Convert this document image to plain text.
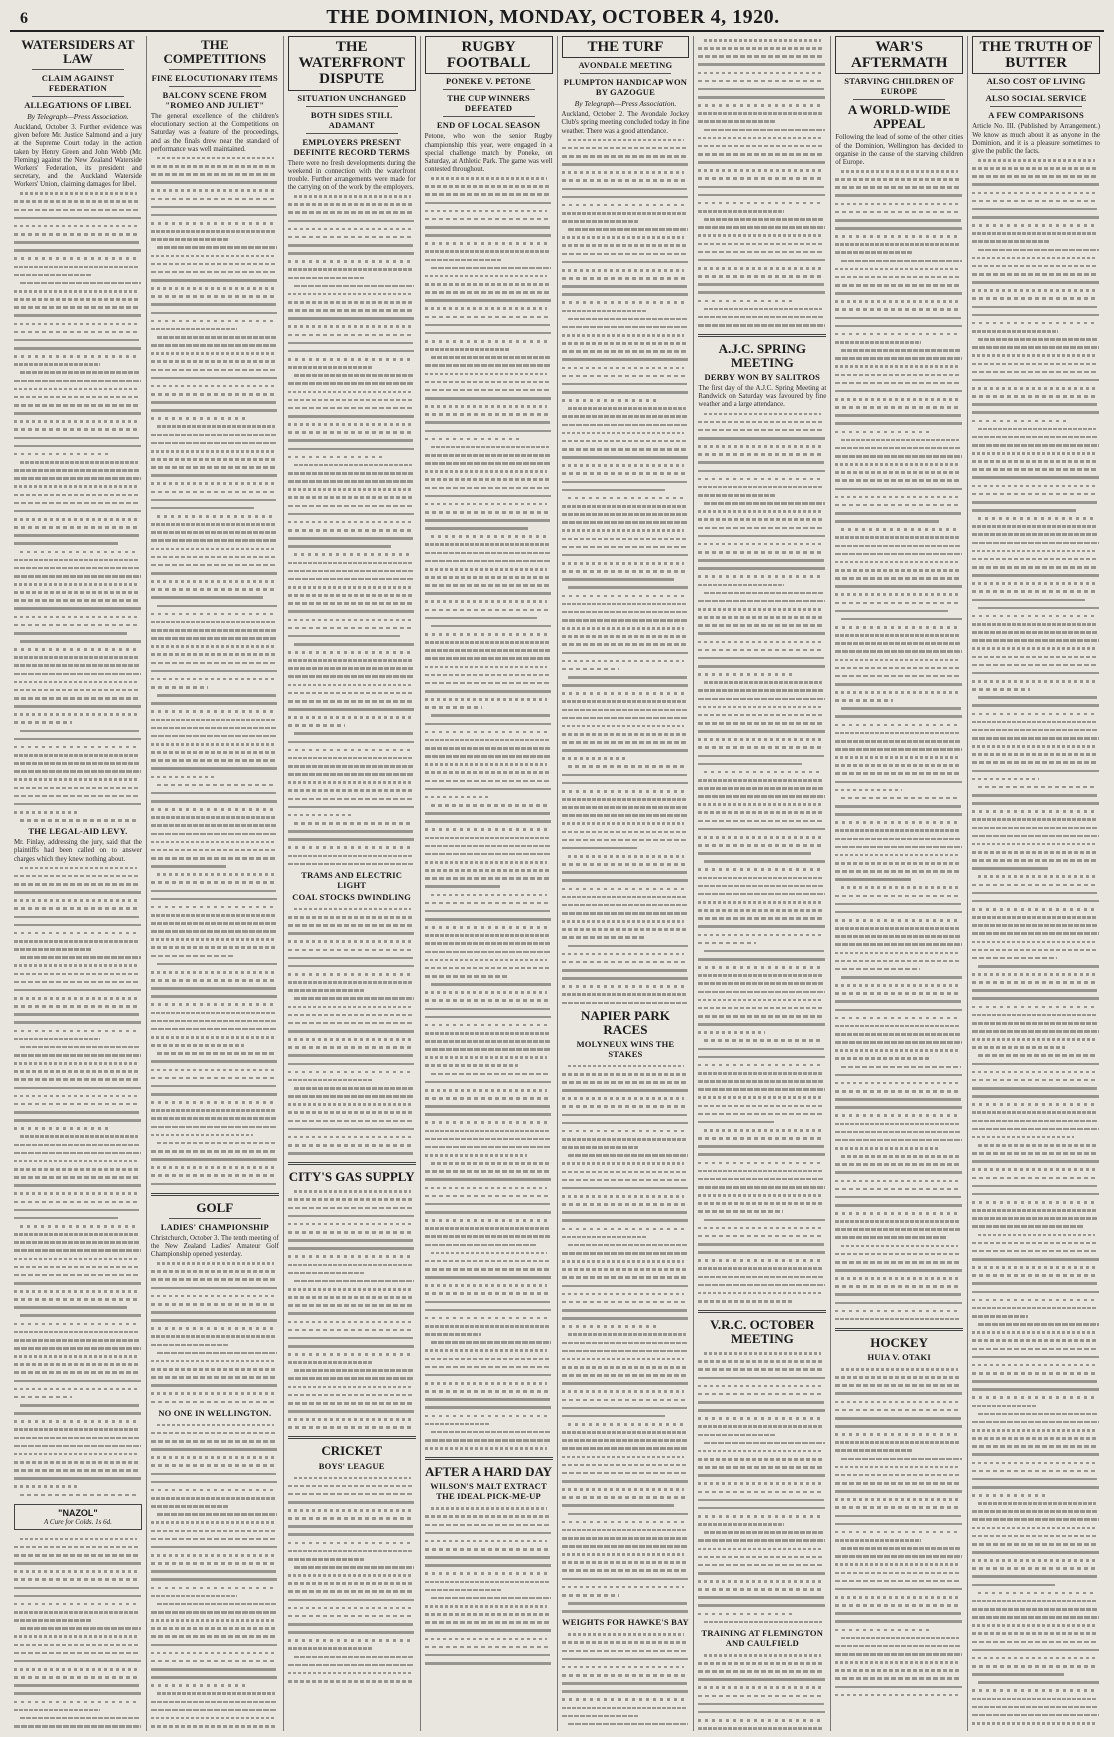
6	THE DOMINION, MONDAY, OCTOBER 4, 1920.
WATERSIDERS AT LAW
CLAIM AGAINST FEDERATION
ALLEGATIONS OF LIBEL
By Telegraph—Press Association.

Auckland, October 3. Further evidence was given before Mr. Justice Salmond and a jury at the Supreme Court today in the action taken by Henry Green and John Webb (Mr. Fleming) against the New Zealand Waterside Workers' Federation, its president and secretary, and the Auckland Waterside Workers' Union, claiming damages for libel.

THE LEGAL-AID LEVY.

Mr. Finlay, addressing the jury, said that the plaintiffs had been called on to answer charges which they knew nothing about.

"NAZOL"
A Cure for Colds. 1s 6d.
THE COMPETITIONS
FINE ELOCUTIONARY ITEMS
BALCONY SCENE FROM "ROMEO AND JULIET"

The general excellence of the children's elocutionary section at the Competitions on Saturday was a feature of the proceedings, and as the finals drew near the standard of performance was well maintained.

GOLF
LADIES' CHAMPIONSHIP

Christchurch, October 3. The tenth meeting of the New Zealand Ladies' Amateur Golf Championship opened yesterday.

NO ONE IN WELLINGTON.
THE WATERFRONT DISPUTE
SITUATION UNCHANGED
BOTH SIDES STILL ADAMANT
EMPLOYERS PRESENT DEFINITE RECORD TERMS

There were no fresh developments during the weekend in connection with the waterfront trouble. Further arrangements were made for the carrying on of the work by the employers.

TRAMS AND ELECTRIC LIGHT
COAL STOCKS DWINDLING
CITY'S GAS SUPPLY
CRICKET
BOYS' LEAGUE
RUGBY FOOTBALL
PONEKE V. PETONE
THE CUP WINNERS DEFEATED
END OF LOCAL SEASON

Petone, who won the senior Rugby championship this year, were engaged in a special challenge match by Poneke, on Saturday, at Athletic Park. The game was well contested throughout.

AFTER A HARD DAY
WILSON'S MALT EXTRACT THE IDEAL PICK-ME-UP
THE TURF
AVONDALE MEETING
PLUMPTON HANDICAP WON BY GAZOGUE
By Telegraph—Press Association.

Auckland, October 2. The Avondale Jockey Club's spring meeting concluded today in fine weather. There was a good attendance.

NAPIER PARK RACES
MOLYNEUX WINS THE STAKES
WEIGHTS FOR HAWKE'S BAY
A.J.C. SPRING MEETING
DERBY WON BY SALITROS

The first day of the A.J.C. Spring Meeting at Randwick on Saturday was favoured by fine weather and a large attendance.

V.R.C. OCTOBER MEETING
TRAINING AT FLEMINGTON AND CAULFIELD
WAR'S AFTERMATH
STARVING CHILDREN OF EUROPE
A WORLD-WIDE APPEAL

Following the lead of some of the other cities of the Dominion, Wellington has decided to organise in the cause of the starving children of Europe.

HOCKEY
HUIA V. OTAKI
THE TRUTH OF BUTTER
ALSO COST OF LIVING
ALSO SOCIAL SERVICE
A FEW COMPARISONS

Article No. III. (Published by Arrangement.) We know as much about it as anyone in the Dominion, and it is a pleasure sometimes to give the public the facts.
